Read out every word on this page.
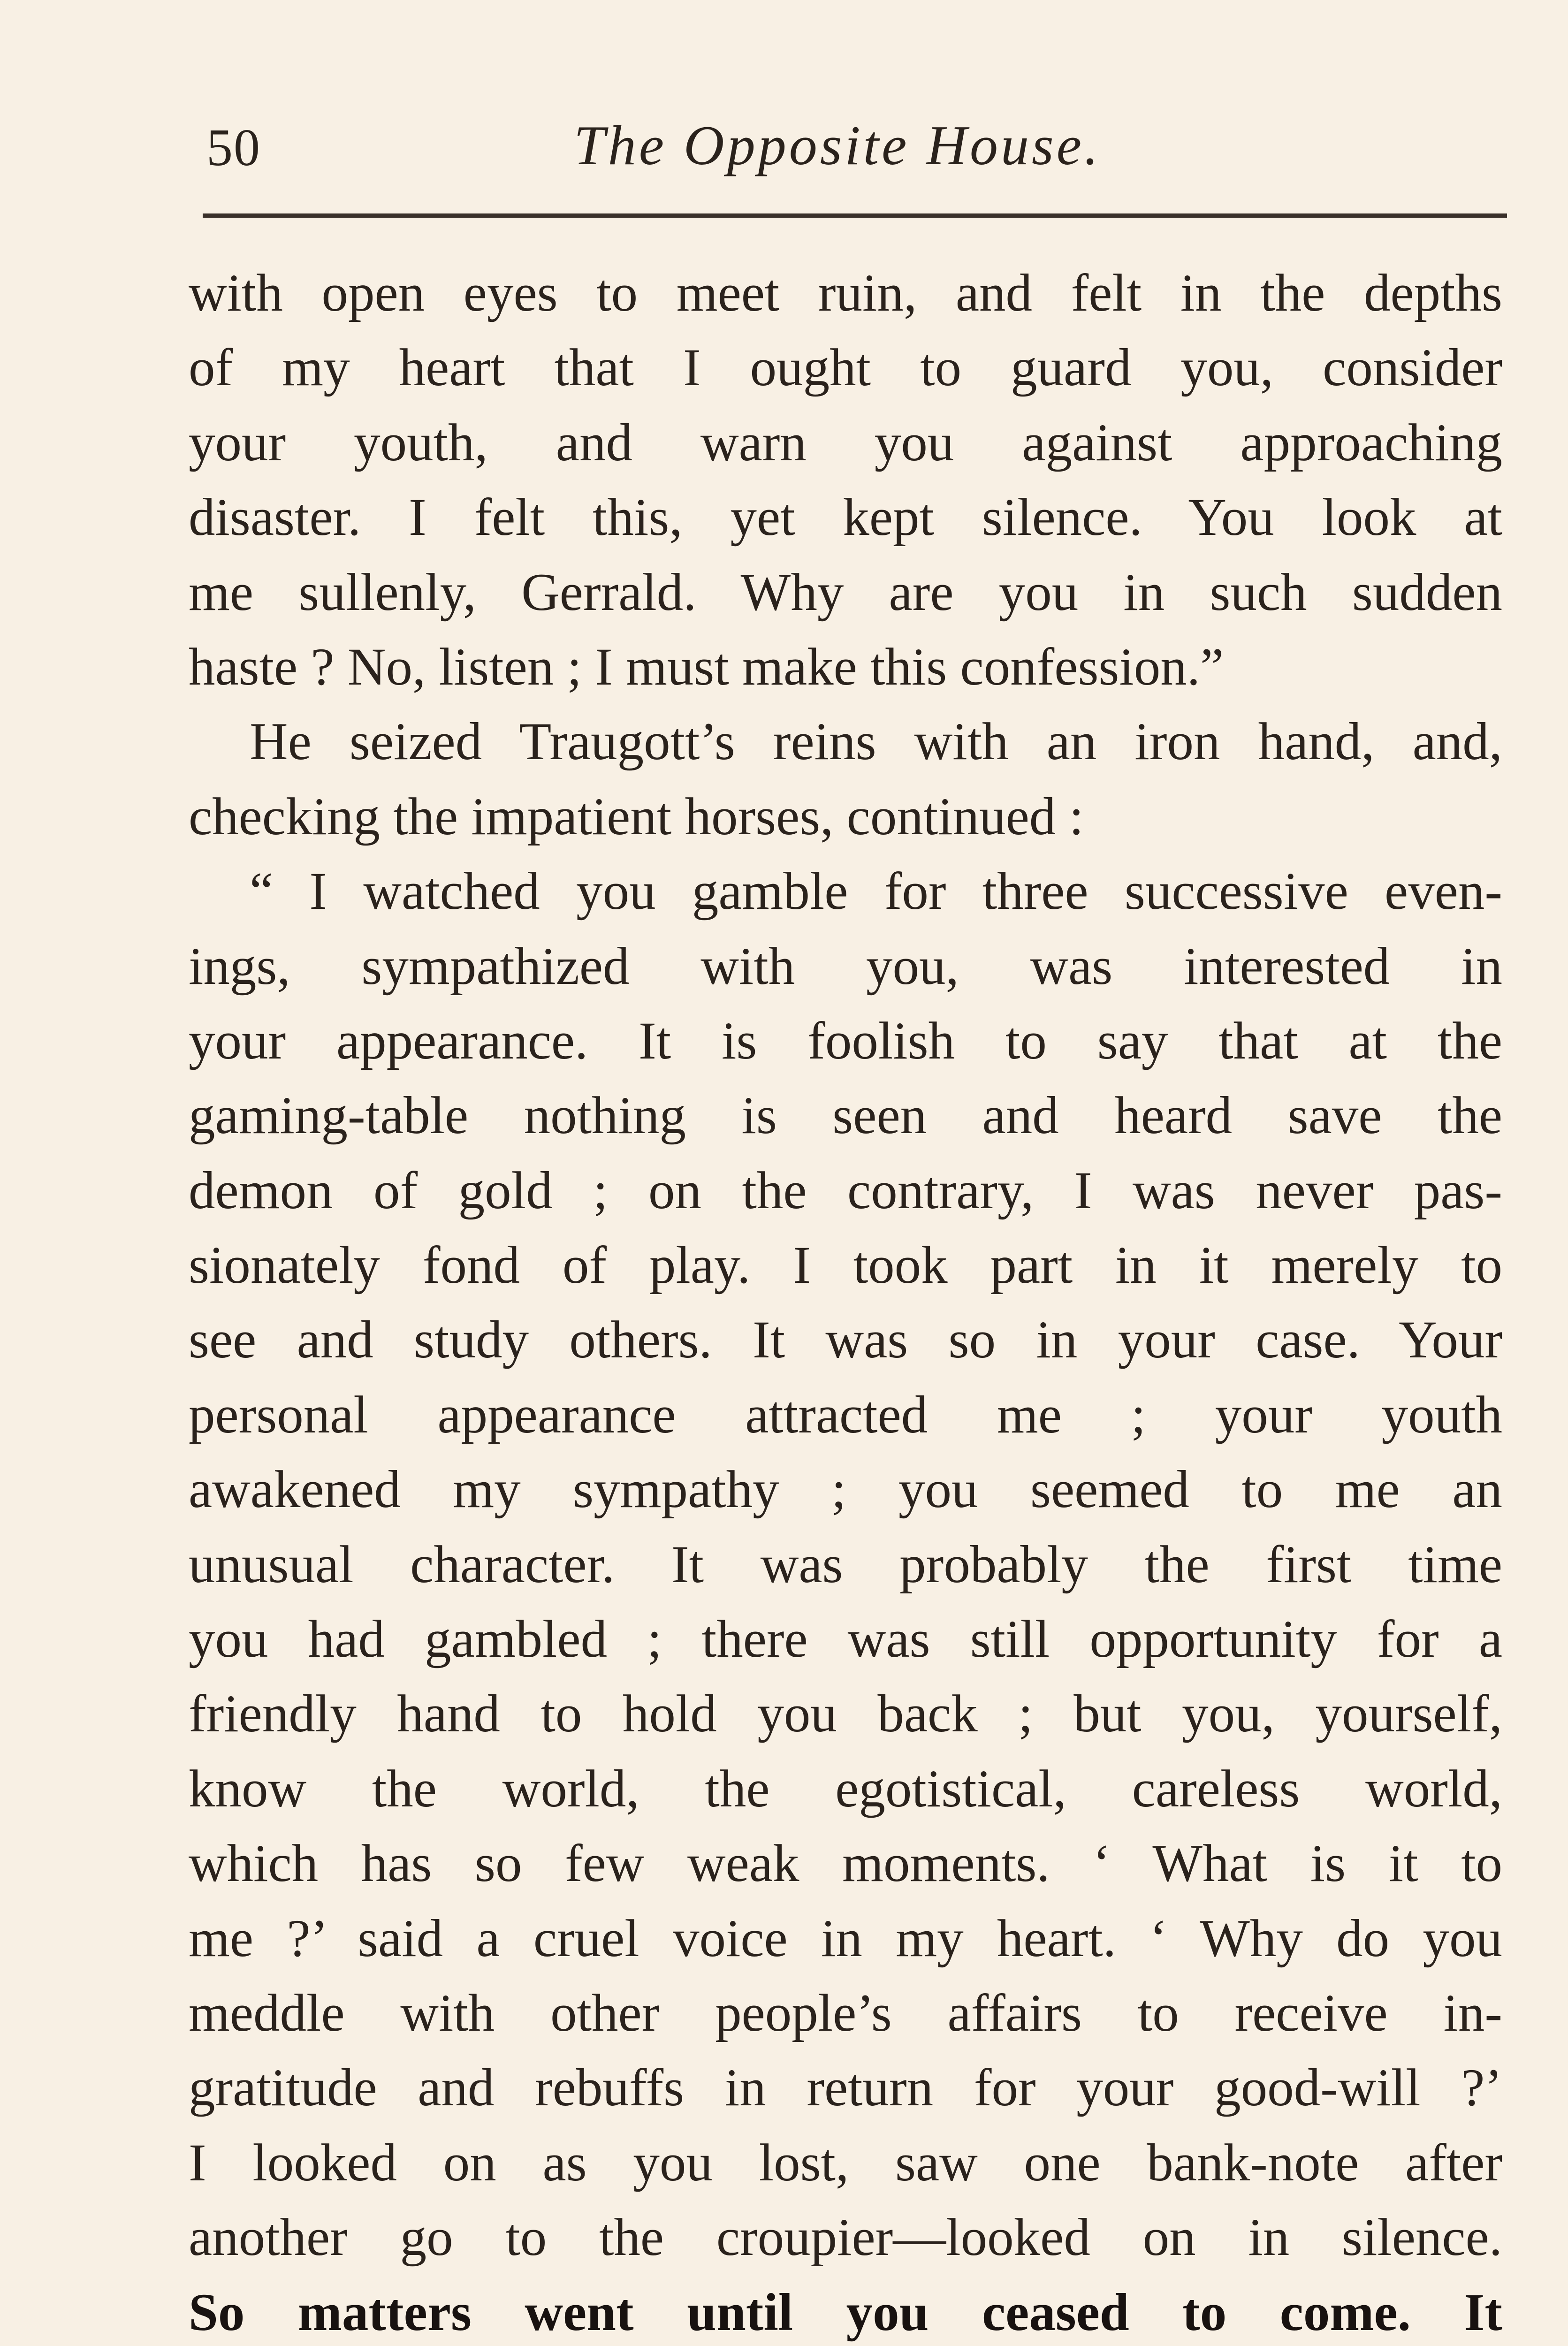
50	The Opposite House.
with open eyes to meet ruin, and felt in the depths
of my heart that I ought to guard you, consider
your youth, and warn you against approaching
disaster. I felt this, yet kept silence. You look at
me sullenly, Gerrald. Why are you in such sudden
haste ? No, listen ; I must make this confession.”
He seized Traugott’s reins with an iron hand, and,
checking the impatient horses, continued :
“ I watched you gamble for three successive even-
ings, sympathized with you, was interested in
your appearance. It is foolish to say that at the
gaming-table nothing is seen and heard save the
demon of gold ; on the contrary, I was never pas-
sionately fond of play. I took part in it merely to
see and study others. It was so in your case. Your
personal appearance attracted me ; your youth
awakened my sympathy ; you seemed to me an
unusual character. It was probably the first time
you had gambled ; there was still opportunity for a
friendly hand to hold you back ; but you, yourself,
know the world, the egotistical, careless world,
which has so few weak moments. ‘ What is it to
me ?’ said a cruel voice in my heart. ‘ Why do you
meddle with other people’s affairs to receive in-
gratitude and rebuffs in return for your good-will ?’
I looked on as you lost, saw one bank-note after
another go to the croupier—looked on in silence.
So matters went until you ceased to come. It
